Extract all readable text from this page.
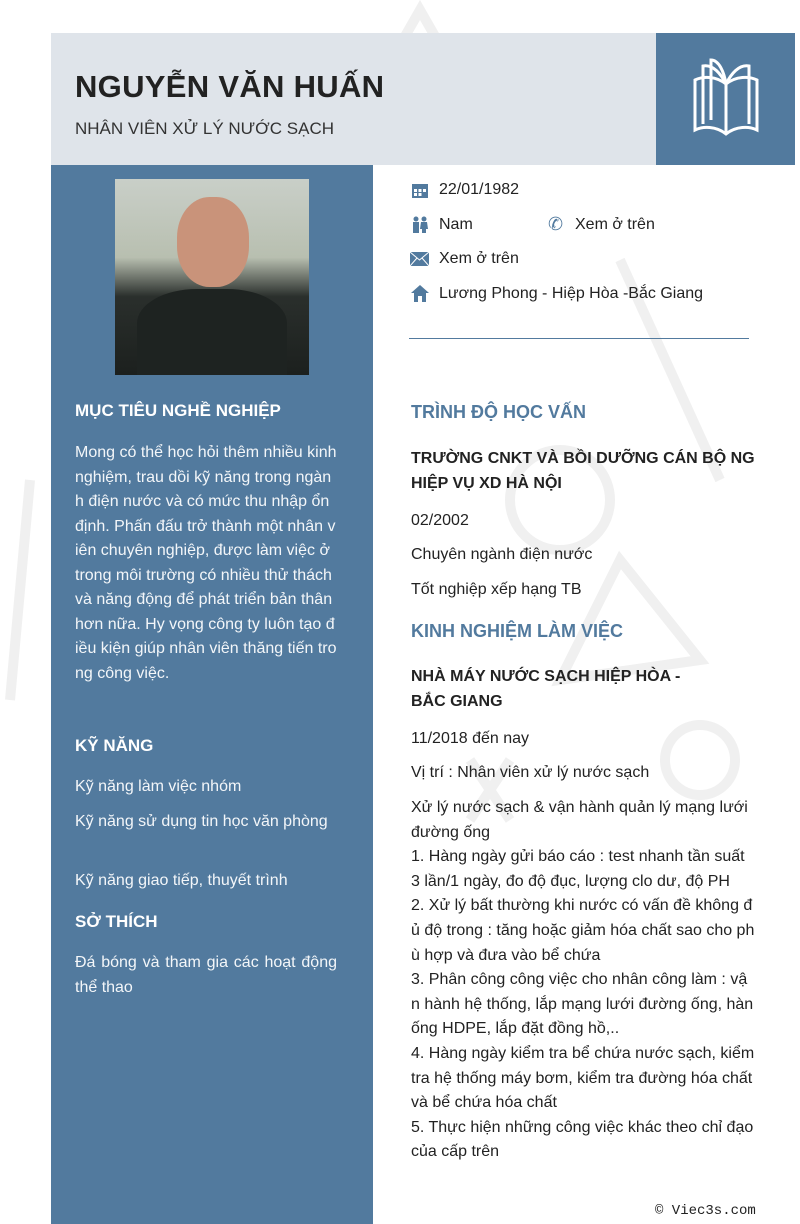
NGUYỄN VĂN HUẤN
NHÂN VIÊN XỬ LÝ NƯỚC SẠCH
MỤC TIÊU NGHỀ NGHIỆP
Mong có thể học hỏi thêm nhiều kinh nghiệm, trau dồi kỹ năng trong ngành điện nước và có mức thu nhập ổn định. Phấn đấu trở thành một nhân viên chuyên nghiệp, được làm việc ở trong môi trường có nhiều thử thách và năng động để phát triển bản thân hơn nữa. Hy vọng công ty luôn tạo điều kiện giúp nhân viên thăng tiến trong công việc.
KỸ NĂNG
Kỹ năng làm việc nhóm
Kỹ năng sử dụng tin học văn phòng
Kỹ năng giao tiếp, thuyết trình
SỞ THÍCH
Đá bóng và tham gia các hoạt động thể thao
22/01/1982
Nam	✆ Xem ở trên
Xem ở trên
Lương Phong - Hiệp Hòa -Bắc Giang
TRÌNH ĐỘ HỌC VẤN
TRƯỜNG CNKT VÀ BỒI DƯỠNG CÁN BỘ NGHIỆP VỤ XD HÀ NỘI
02/2002
Chuyên ngành điện nước
Tốt nghiệp xếp hạng TB
KINH NGHIỆM LÀM VIỆC
NHÀ MÁY NƯỚC SẠCH HIỆP HÒA - BẮC GIANG
11/2018 đến nay
Vị trí : Nhân viên xử lý nước sạch
Xử lý nước sạch & vận hành quản lý mạng lưới đường ống
1. Hàng ngày gửi báo cáo : test nhanh tần suất 3 lần/1 ngày, đo độ đục, lượng clo dư, độ PH
2. Xử lý bất thường khi nước có vấn đề không đủ độ trong : tăng hoặc giảm hóa chất sao cho phù hợp và đưa vào bể chứa
3. Phân công công việc cho nhân công làm : vận hành hệ thống, lắp mạng lưới đường ống, hàn ống HDPE, lắp đặt đồng hồ,..
4. Hàng ngày kiểm tra bể chứa nước sạch, kiểm tra hệ thống máy bơm, kiểm tra đường hóa chất và bể chứa hóa chất
5. Thực hiện những công việc khác theo chỉ đạo của cấp trên
© Viec3s.com
